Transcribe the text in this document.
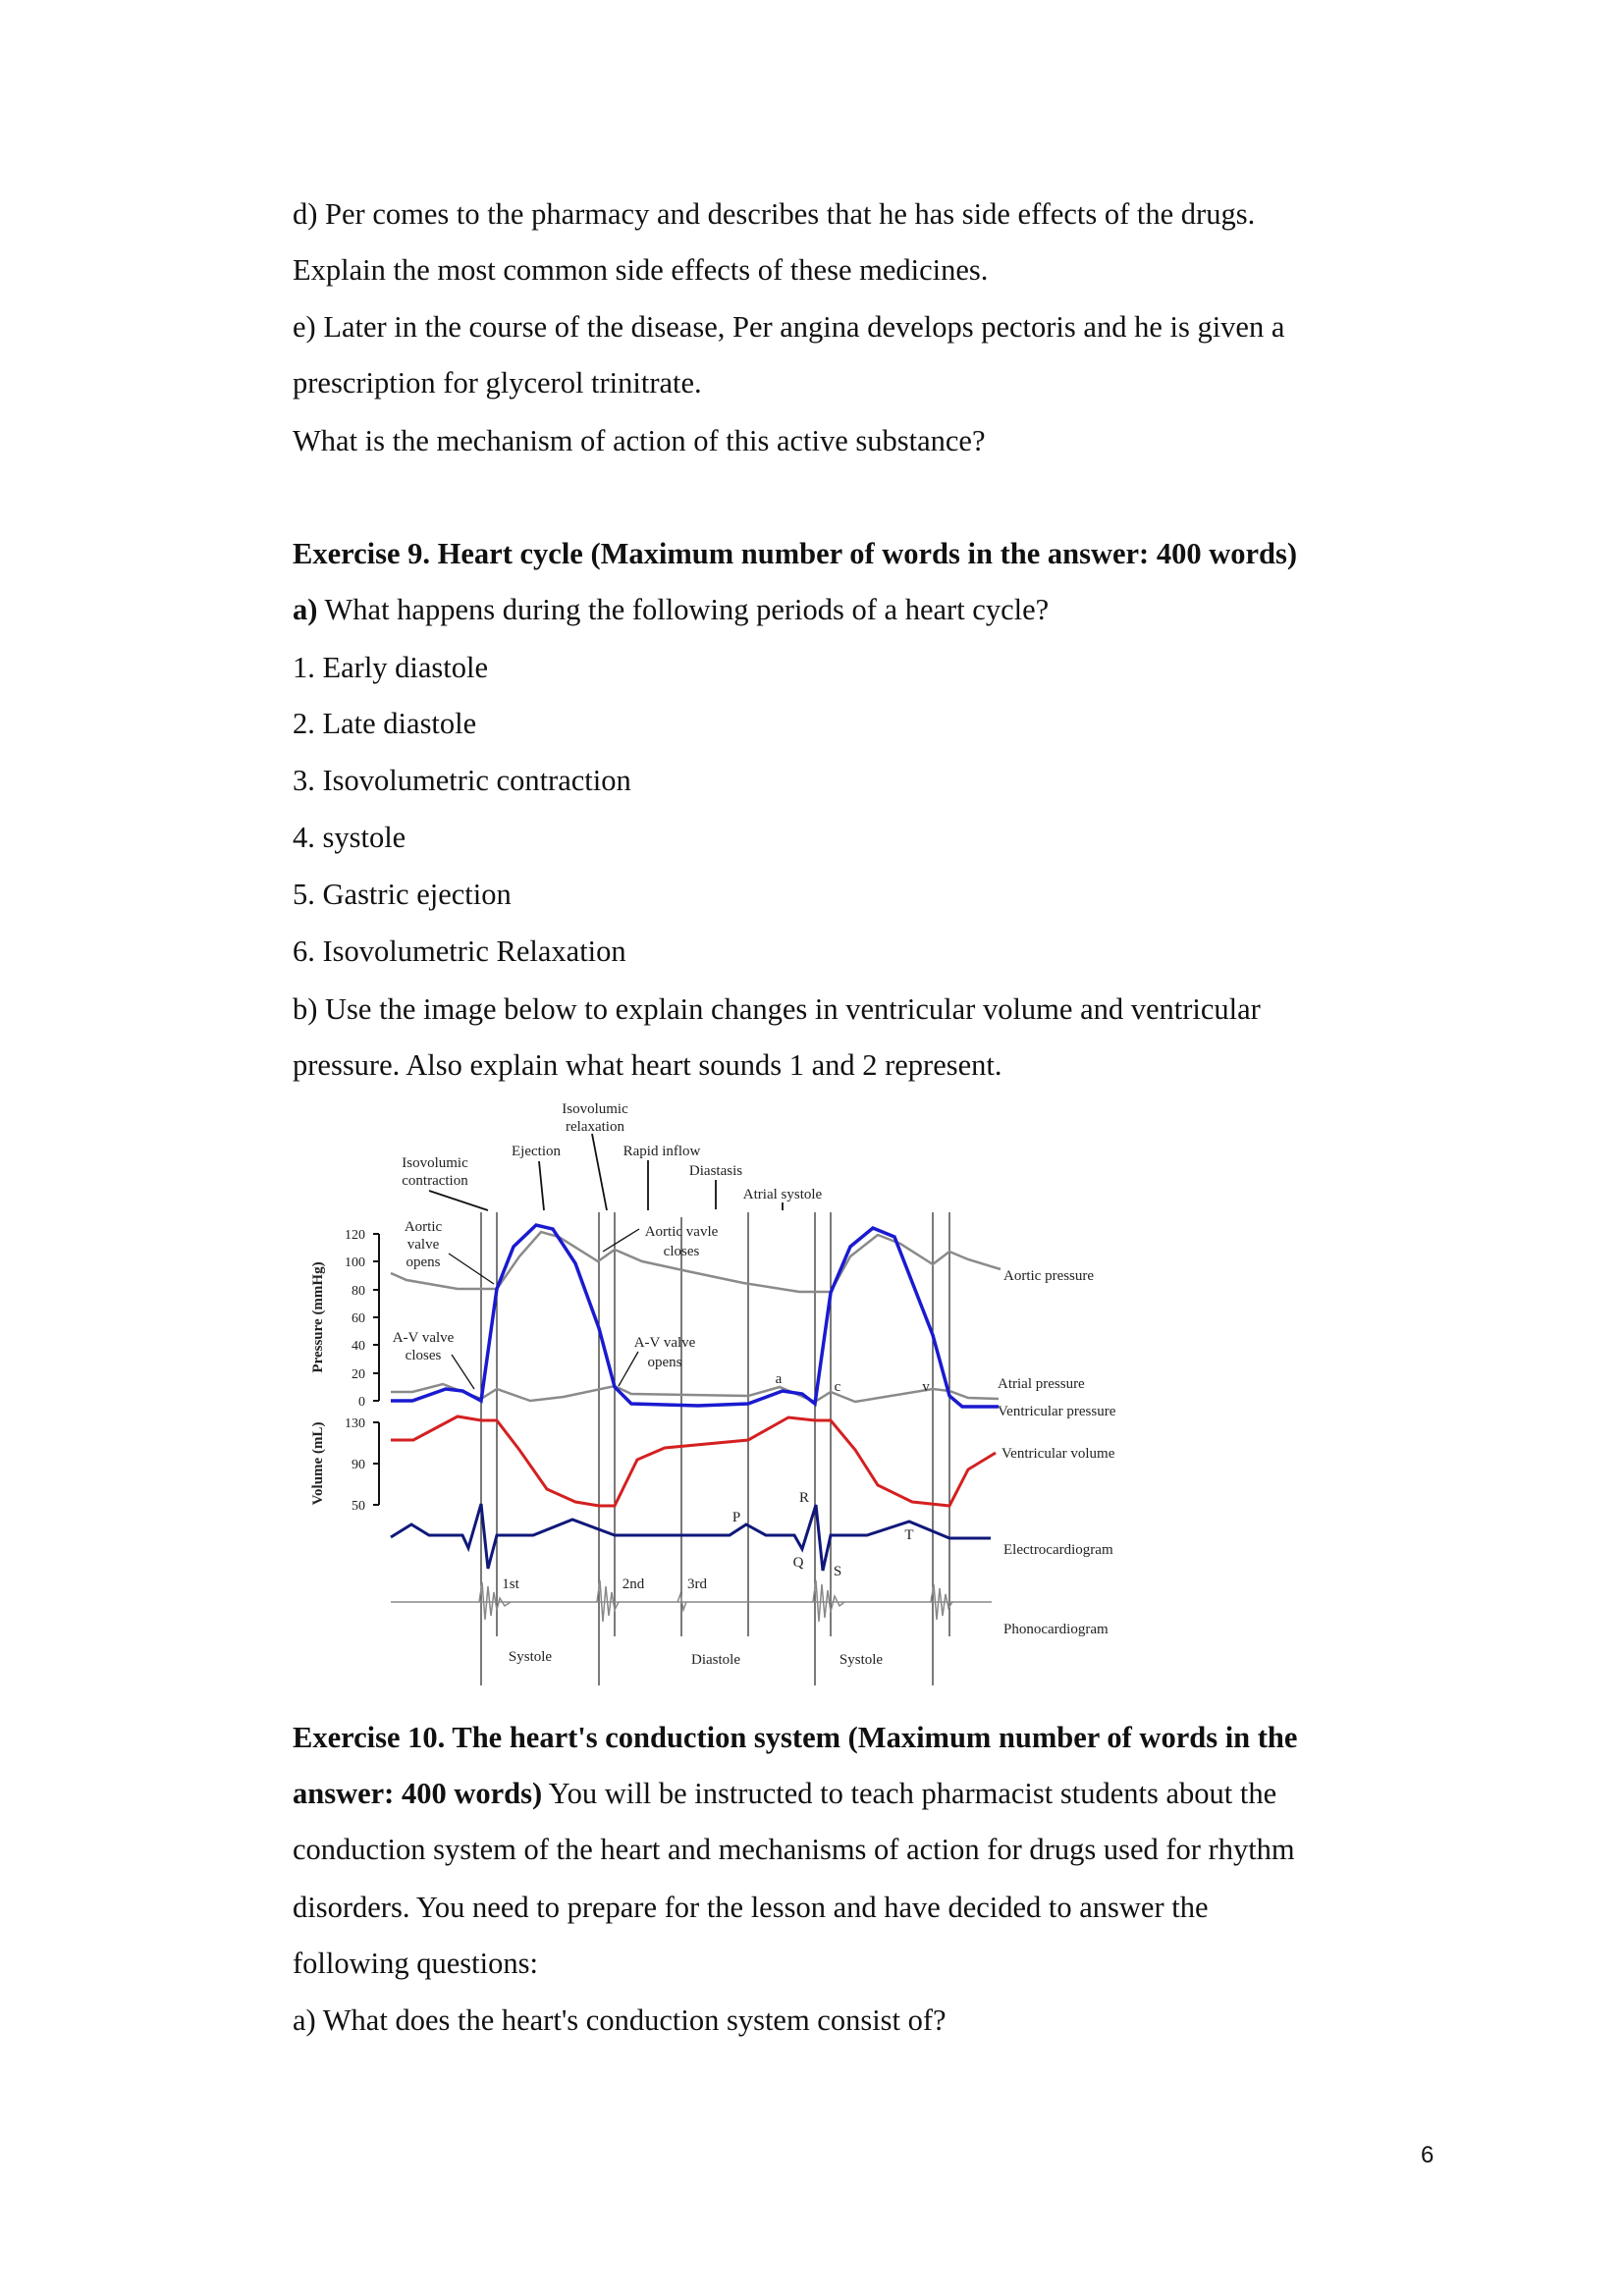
d) Per comes to the pharmacy and describes that he has side effects of the drugs.
Explain the most common side effects of these medicines.
e) Later in the course of the disease, Per angina develops pectoris and he is given a
prescription for glycerol trinitrate.
What is the mechanism of action of this active substance?
Exercise 9. Heart cycle (Maximum number of words in the answer: 400 words)
a) What happens during the following periods of a heart cycle?
1. Early diastole
2. Late diastole
3. Isovolumetric contraction
4. systole
5. Gastric ejection
6. Isovolumetric Relaxation
b) Use the image below to explain changes in ventricular volume and ventricular
pressure. Also explain what heart sounds 1 and 2 represent.
120
100
80
60
40
20
0
130
90
50
Pressure (mmHg)
Volume (mL)
Isovolumic
relaxation
Ejection	Rapid inflow
Isovolumic
contraction
Diastasis
Atrial systole
Aortic
valve
opens
Aortic vavle
closes
A-V valve
closes
A-V valve
opens
a	c	v
P
R
Q
S
T
1st	2nd	3rd
Systole	Diastole	Systole
Aortic pressure
Atrial pressure
Ventricular pressure
Ventricular volume
Electrocardiogram
Phonocardiogram
Exercise 10. The heart's conduction system (Maximum number of words in the
answer: 400 words) You will be instructed to teach pharmacist students about the
conduction system of the heart and mechanisms of action for drugs used for rhythm
disorders. You need to prepare for the lesson and have decided to answer the
following questions:
a) What does the heart's conduction system consist of?
6
